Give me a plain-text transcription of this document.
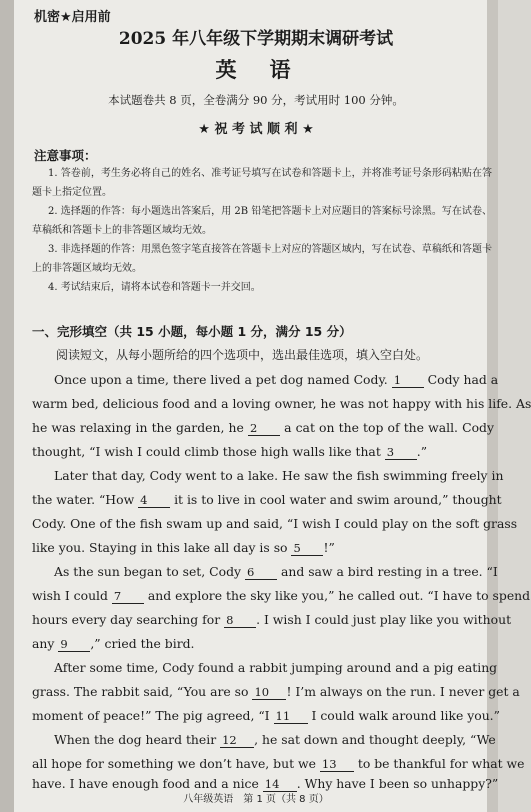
机密★启用前
2025 年八年级下学期期末调研考试
英　语
本试题卷共 8 页，全卷满分 90 分，考试用时 100 分钟。
★ 祝 考 试 顺 利 ★
注意事项：
1. 答卷前，考生务必将自己的姓名、准考证号填写在试卷和答题卡上，并将准考证号条形码粘贴在答题卡上指定位置。
2. 选择题的作答：每小题选出答案后，用 2B 铅笔把答题卡上对应题目的答案标号涂黑。写在试卷、草稿纸和答题卡上的非答题区域均无效。
3. 非选择题的作答：用黑色签字笔直接答在答题卡上对应的答题区域内，写在试卷、草稿纸和答题卡上的非答题区域均无效。
4. 考试结束后，请将本试卷和答题卡一并交回。
一、完形填空（共 15 小题，每小题 1 分，满分 15 分）
阅读短文，从每小题所给的四个选项中，选出最佳选项，填入空白处。
Once upon a time, there lived a pet dog named Cody. 1 Cody had a
warm bed, delicious food and a loving owner, he was not happy with his life. As
he was relaxing in the garden, he 2 a cat on the top of the wall. Cody
thought, “I wish I could climb those high walls like that 3 .”
Later that day, Cody went to a lake. He saw the fish swimming freely in
the water. “How 4 it is to live in cool water and swim around,” thought
Cody. One of the fish swam up and said, “I wish I could play on the soft grass
like you. Staying in this lake all day is so 5 !”
As the sun began to set, Cody 6 and saw a bird resting in a tree. “I
wish I could 7 and explore the sky like you,” he called out. “I have to spend
hours every day searching for 8 . I wish I could just play like you without
any 9 ,” cried the bird.
After some time, Cody found a rabbit jumping around and a pig eating
grass. The rabbit said, “You are so 10 ! I’m always on the run. I never get a
moment of peace!” The pig agreed, “I 11 I could walk around like you.”
When the dog heard their 12 , he sat down and thought deeply, “We
all hope for something we don’t have, but we 13 to be thankful for what we
have. I have enough food and a nice 14 . Why have I been so unhappy?”
八年级英语　第 1 页（共 8 页）
